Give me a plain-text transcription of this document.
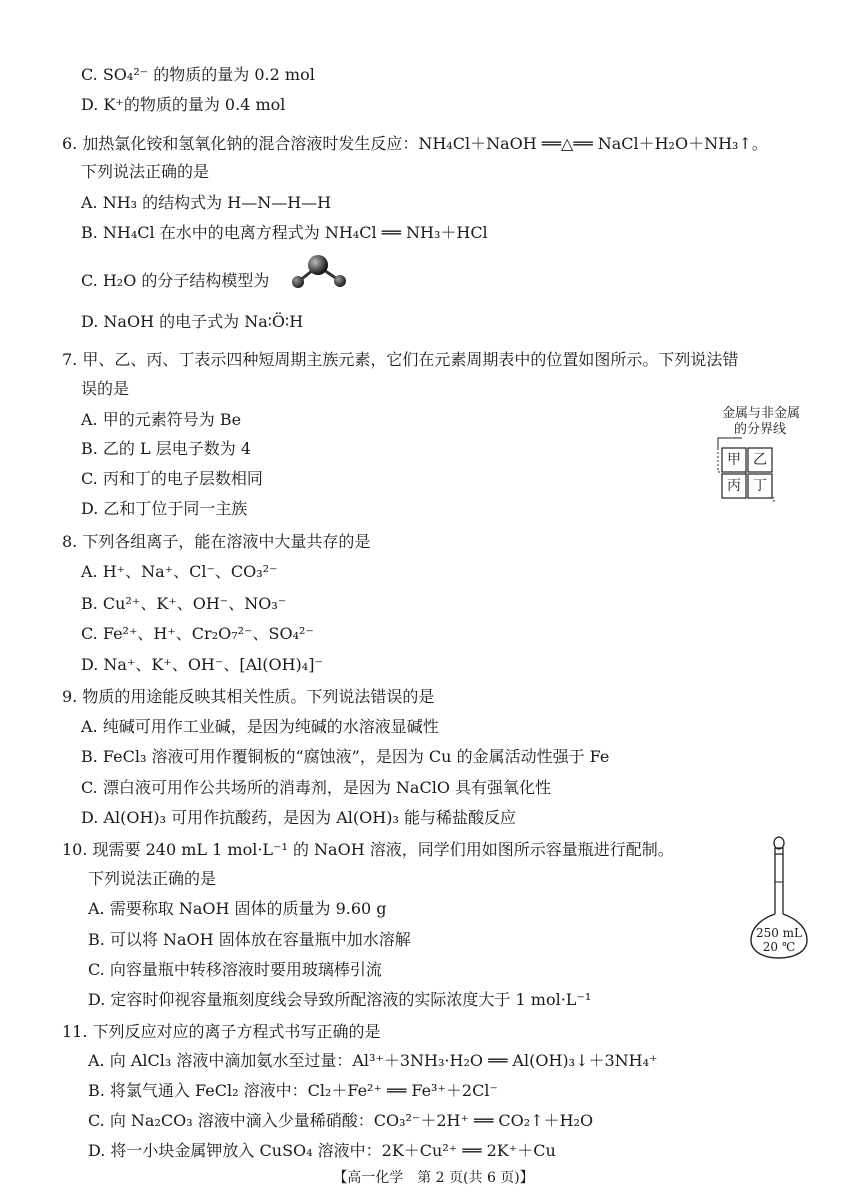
C. SO₄²⁻ 的物质的量为 0.2 mol
D. K⁺的物质的量为 0.4 mol
6. 加热氯化铵和氢氧化钠的混合溶液时发生反应：NH₄Cl＋NaOH ══△══ NaCl＋H₂O＋NH₃↑。
下列说法正确的是
A. NH₃ 的结构式为 H—N—H—H
B. NH₄Cl 在水中的电离方程式为 NH₄Cl ══ NH₃＋HCl
C. H₂O 的分子结构模型为
D. NaOH 的电子式为 Na∶Ö∶H
7. 甲、乙、丙、丁表示四种短周期主族元素，它们在元素周期表中的位置如图所示。下列说法错
误的是
A. 甲的元素符号为 Be
B. 乙的 L 层电子数为 4
C. 丙和丁的电子层数相同
D. 乙和丁位于同一主族
金属与非金属
的分界线
甲 乙
丙 丁
8. 下列各组离子，能在溶液中大量共存的是
A. H⁺、Na⁺、Cl⁻、CO₃²⁻
B. Cu²⁺、K⁺、OH⁻、NO₃⁻
C. Fe²⁺、H⁺、Cr₂O₇²⁻、SO₄²⁻
D. Na⁺、K⁺、OH⁻、[Al(OH)₄]⁻
9. 物质的用途能反映其相关性质。下列说法错误的是
A. 纯碱可用作工业碱，是因为纯碱的水溶液显碱性
B. FeCl₃ 溶液可用作覆铜板的“腐蚀液”，是因为 Cu 的金属活动性强于 Fe
C. 漂白液可用作公共场所的消毒剂，是因为 NaClO 具有强氧化性
D. Al(OH)₃ 可用作抗酸药，是因为 Al(OH)₃ 能与稀盐酸反应
10. 现需要 240 mL 1 mol·L⁻¹ 的 NaOH 溶液，同学们用如图所示容量瓶进行配制。
下列说法正确的是
A. 需要称取 NaOH 固体的质量为 9.60 g
B. 可以将 NaOH 固体放在容量瓶中加水溶解
C. 向容量瓶中转移溶液时要用玻璃棒引流
D. 定容时仰视容量瓶刻度线会导致所配溶液的实际浓度大于 1 mol·L⁻¹
250 mL
20 ℃
11. 下列反应对应的离子方程式书写正确的是
A. 向 AlCl₃ 溶液中滴加氨水至过量：Al³⁺＋3NH₃·H₂O ══ Al(OH)₃↓＋3NH₄⁺
B. 将氯气通入 FeCl₂ 溶液中：Cl₂＋Fe²⁺ ══ Fe³⁺＋2Cl⁻
C. 向 Na₂CO₃ 溶液中滴入少量稀硝酸：CO₃²⁻＋2H⁺ ══ CO₂↑＋H₂O
D. 将一小块金属钾放入 CuSO₄ 溶液中：2K＋Cu²⁺ ══ 2K⁺＋Cu
【高一化学　第 2 页(共 6 页)】
